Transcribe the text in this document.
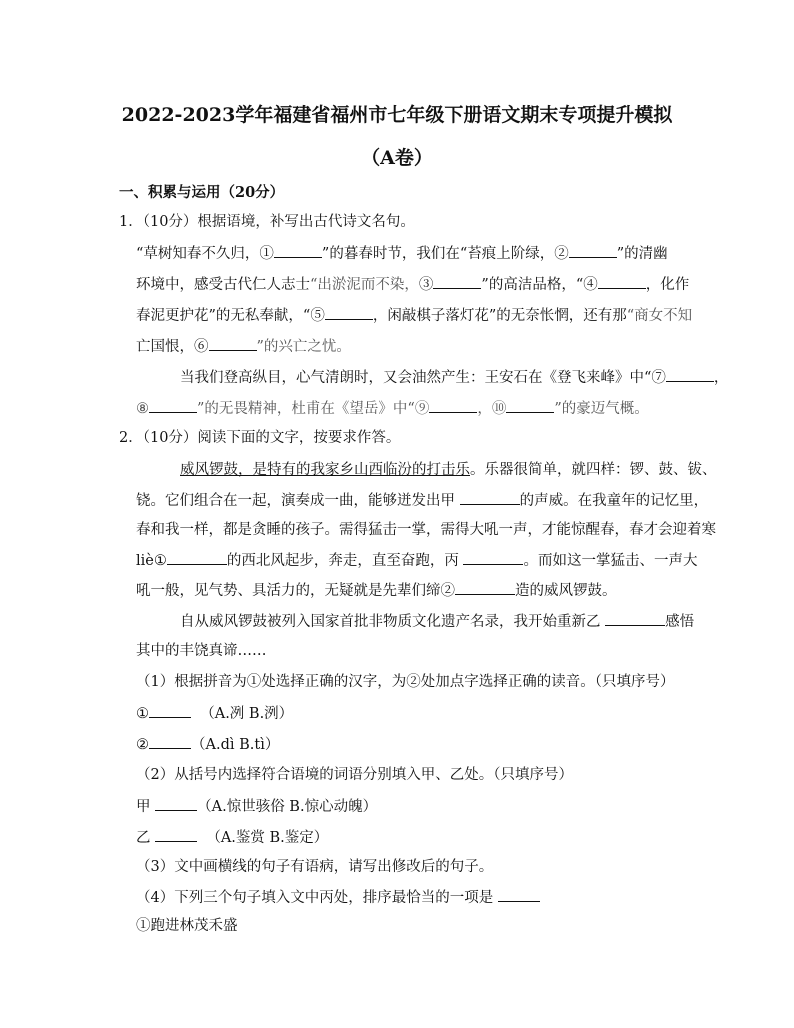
2022-2023学年福建省福州市七年级下册语文期末专项提升模拟
（A卷）
一、积累与运用（20分）
1．（10分）根据语境，补写出古代诗文名句。
“草树知春不久归，①	”的暮春时节，我们在“苔痕上阶绿，②	”的清幽
环境中，感受古代仁人志士“出淤泥而不染，③	”的高洁品格，“④	，化作
春泥更护花”的无私奉献，“⑤	，闲敲棋子落灯花”的无奈怅惘，还有那“商女不知
亡国恨，⑥	”的兴亡之忧。
当我们登高纵目，心气清朗时，又会油然产生：王安石在《登飞来峰》中“⑦	，
⑧	”的无畏精神，杜甫在《望岳》中“⑨	，⑩	”的豪迈气概。
2．（10分）阅读下面的文字，按要求作答。
威风锣鼓，是特有的我家乡山西临汾的打击乐。乐器很简单，就四样：锣、鼓、钹、
铙。它们组合在一起，演奏成一曲，能够迸发出甲	的声威。在我童年的记忆里，
春和我一样，都是贪睡的孩子。需得猛击一掌，需得大吼一声，才能惊醒春，春才会迎着寒
liè①	的西北风起步，奔走，直至奋跑，丙	。而如这一掌猛击、一声大
吼一般，见气势、具活力的，无疑就是先辈们缔②	造的威风锣鼓。
自从威风锣鼓被列入国家首批非物质文化遗产名录，我开始重新乙	感悟
其中的丰饶真谛……
（1）根据拼音为①处选择正确的汉字，为②处加点字选择正确的读音。（只填序号）
①	（A.冽 B.洌）
②	（A.dì B.tì）
（2）从括号内选择符合语境的词语分别填入甲、乙处。（只填序号）
甲	（A.惊世骇俗 B.惊心动魄）
乙	（A.鉴赏 B.鉴定）
（3）文中画横线的句子有语病，请写出修改后的句子。
（4）下列三个句子填入文中丙处，排序最恰当的一项是
①跑进林茂禾盛
